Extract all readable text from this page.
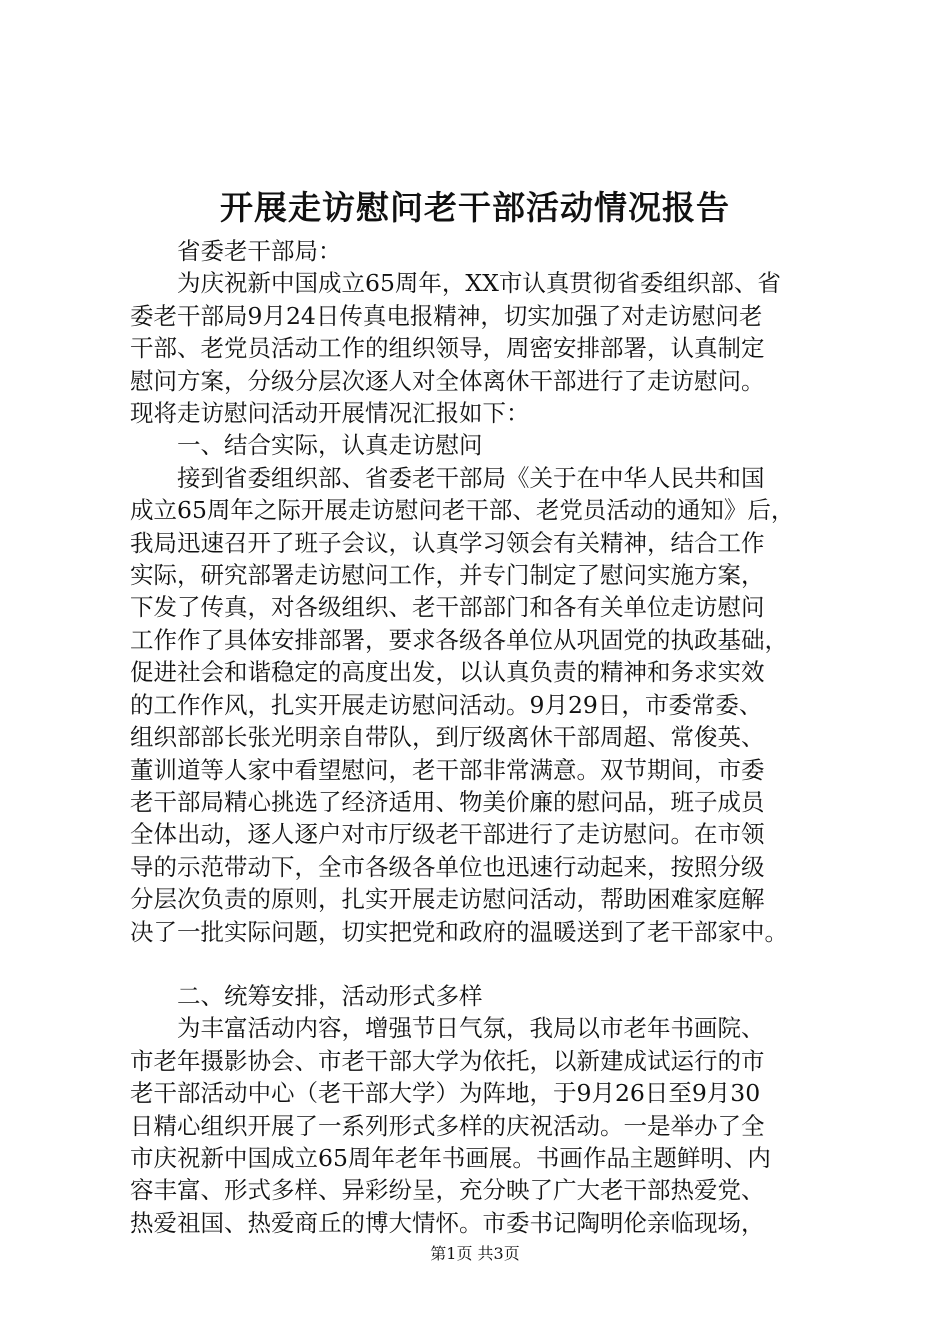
开展走访慰问老干部活动情况报告

省委老干部局：

为庆祝新中国成立65周年，XX市认真贯彻省委组织部、省

委老干部局9月24日传真电报精神，切实加强了对走访慰问老

干部、老党员活动工作的组织领导，周密安排部署，认真制定

慰问方案，分级分层次逐人对全体离休干部进行了走访慰问。

现将走访慰问活动开展情况汇报如下：

一、结合实际，认真走访慰问

接到省委组织部、省委老干部局《关于在中华人民共和国

成立65周年之际开展走访慰问老干部、老党员活动的通知》后，

我局迅速召开了班子会议，认真学习领会有关精神，结合工作

实际，研究部署走访慰问工作，并专门制定了慰问实施方案，

下发了传真，对各级组织、老干部部门和各有关单位走访慰问

工作作了具体安排部署，要求各级各单位从巩固党的执政基础，

促进社会和谐稳定的高度出发，以认真负责的精神和务求实效

的工作作风，扎实开展走访慰问活动。9月29日，市委常委、

组织部部长张光明亲自带队，到厅级离休干部周超、常俊英、

董训道等人家中看望慰问，老干部非常满意。双节期间，市委

老干部局精心挑选了经济适用、物美价廉的慰问品，班子成员

全体出动，逐人逐户对市厅级老干部进行了走访慰问。在市领

导的示范带动下，全市各级各单位也迅速行动起来，按照分级

分层次负责的原则，扎实开展走访慰问活动，帮助困难家庭解

决了一批实际问题，切实把党和政府的温暖送到了老干部家中。

二、统筹安排，活动形式多样

为丰富活动内容，增强节日气氛，我局以市老年书画院、

市老年摄影协会、市老干部大学为依托，以新建成试运行的市

老干部活动中心（老干部大学）为阵地，于9月26日至9月30

日精心组织开展了一系列形式多样的庆祝活动。一是举办了全

市庆祝新中国成立65周年老年书画展。书画作品主题鲜明、内

容丰富、形式多样、异彩纷呈，充分映了广大老干部热爱党、

热爱祖国、热爱商丘的博大情怀。市委书记陶明伦亲临现场，

第1页 共3页
